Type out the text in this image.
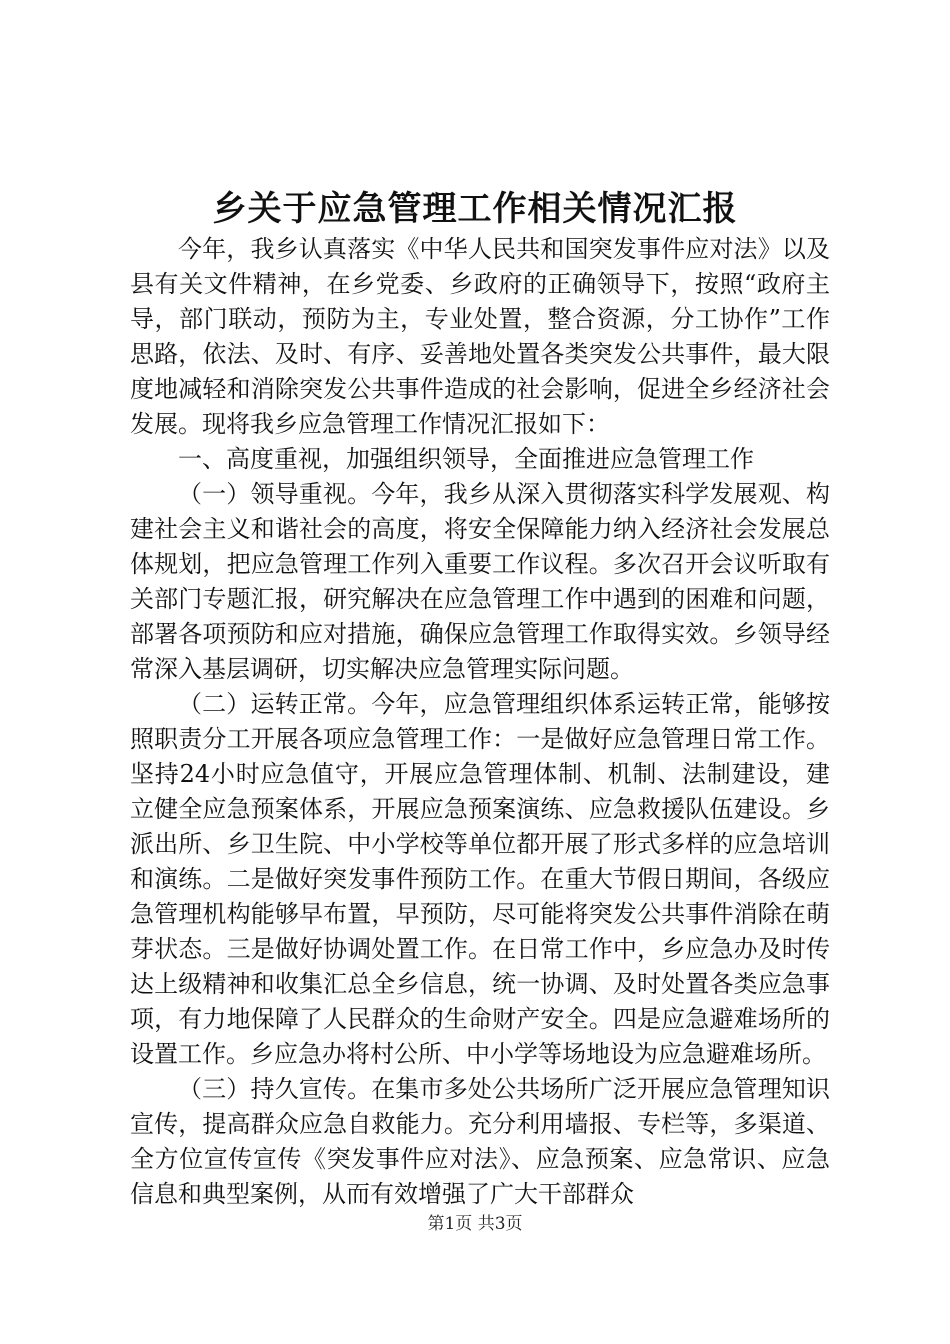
乡关于应急管理工作相关情况汇报

今年，我乡认真落实《中华人民共和国突发事件应对法》以及县有关文件精神，在乡党委、乡政府的正确领导下，按照“政府主导，部门联动，预防为主，专业处置，整合资源，分工协作”工作思路，依法、及时、有序、妥善地处置各类突发公共事件，最大限度地减轻和消除突发公共事件造成的社会影响，促进全乡经济社会发展。现将我乡应急管理工作情况汇报如下：

一、高度重视，加强组织领导，全面推进应急管理工作

（一）领导重视。今年，我乡从深入贯彻落实科学发展观、构建社会主义和谐社会的高度，将安全保障能力纳入经济社会发展总体规划，把应急管理工作列入重要工作议程。多次召开会议听取有关部门专题汇报，研究解决在应急管理工作中遇到的困难和问题，部署各项预防和应对措施，确保应急管理工作取得实效。乡领导经常深入基层调研，切实解决应急管理实际问题。

（二）运转正常。今年，应急管理组织体系运转正常，能够按照职责分工开展各项应急管理工作：一是做好应急管理日常工作。坚持24小时应急值守，开展应急管理体制、机制、法制建设，建立健全应急预案体系，开展应急预案演练、应急救援队伍建设。乡派出所、乡卫生院、中小学校等单位都开展了形式多样的应急培训和演练。二是做好突发事件预防工作。在重大节假日期间，各级应急管理机构能够早布置，早预防，尽可能将突发公共事件消除在萌芽状态。三是做好协调处置工作。在日常工作中，乡应急办及时传达上级精神和收集汇总全乡信息，统一协调、及时处置各类应急事项，有力地保障了人民群众的生命财产安全。四是应急避难场所的设置工作。乡应急办将村公所、中小学等场地设为应急避难场所。

（三）持久宣传。在集市多处公共场所广泛开展应急管理知识宣传，提高群众应急自救能力。充分利用墙报、专栏等，多渠道、全方位宣传宣传《突发事件应对法》、应急预案、应急常识、应急信息和典型案例，从而有效增强了广大干部群众

第1页 共3页
